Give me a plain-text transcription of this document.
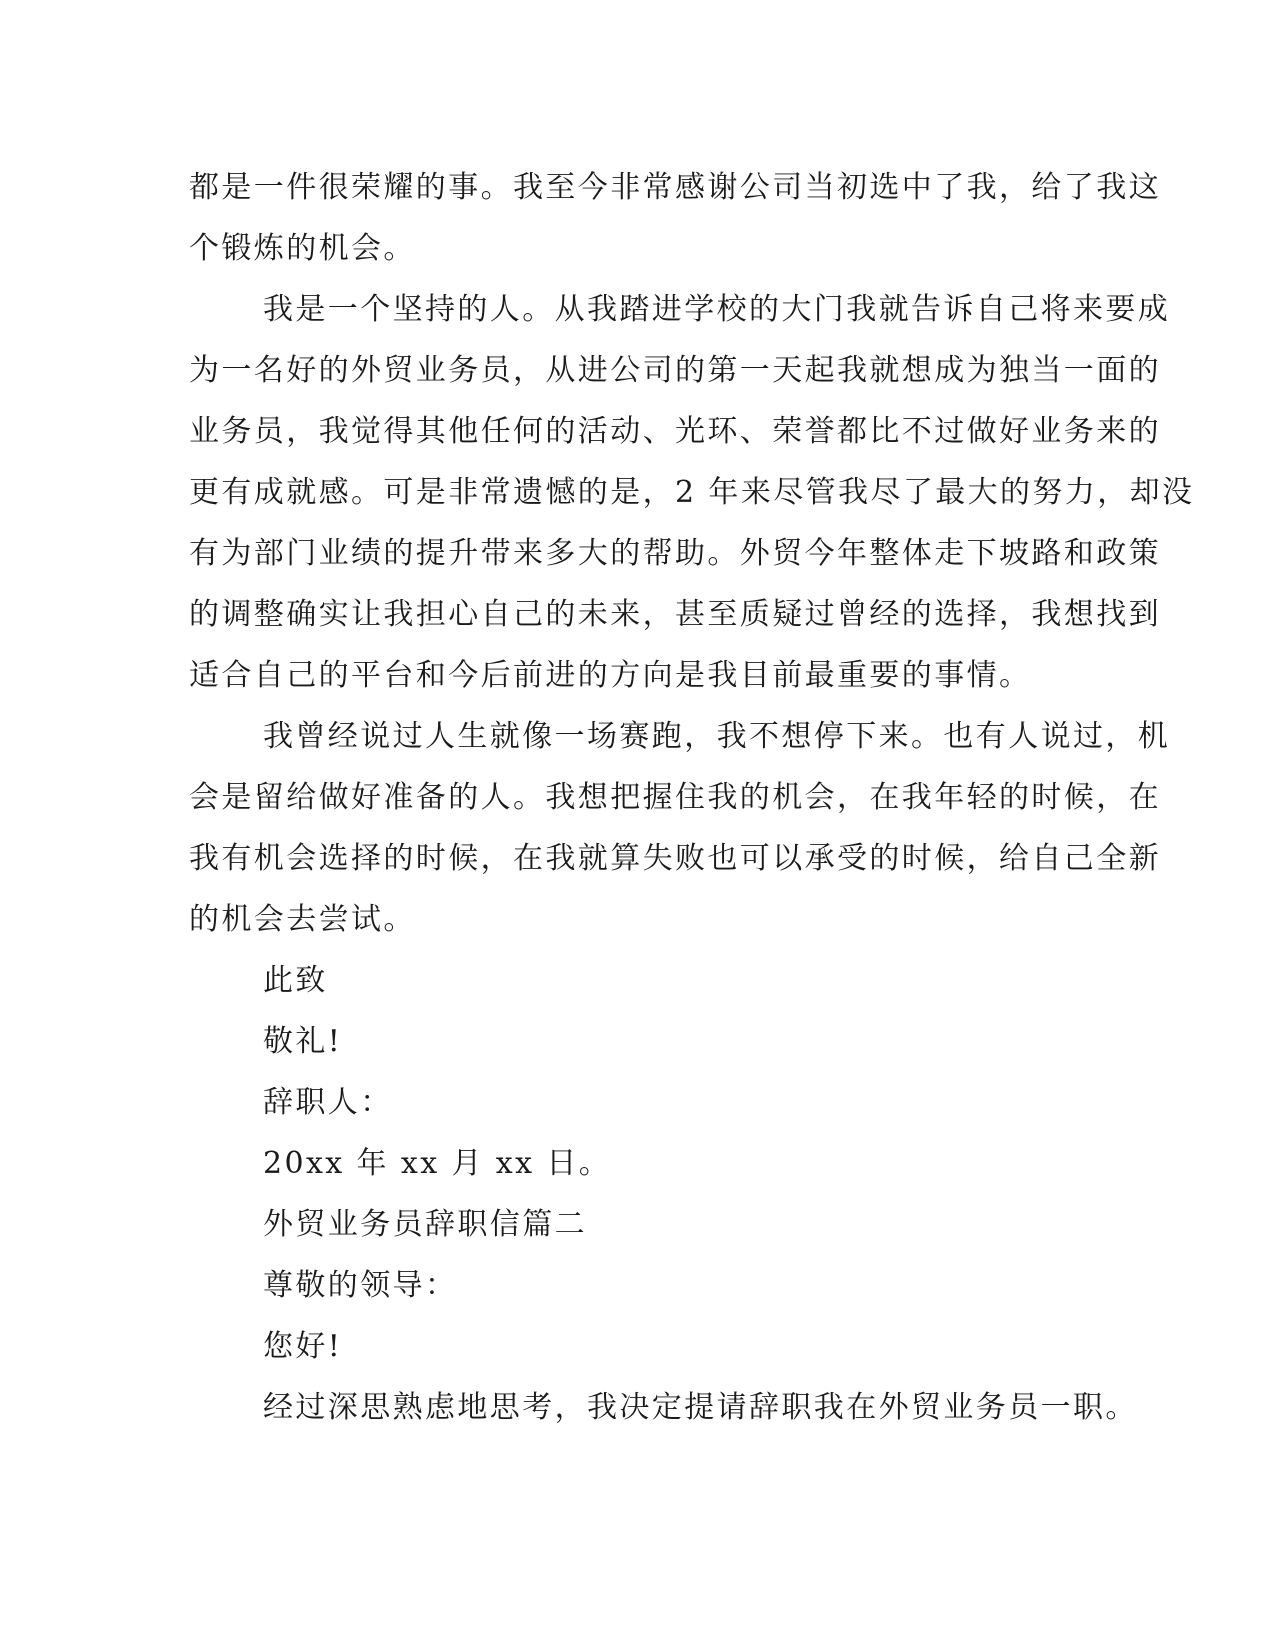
都是一件很荣耀的事。我至今非常感谢公司当初选中了我，给了我这
个锻炼的机会。
我是一个坚持的人。从我踏进学校的大门我就告诉自己将来要成
为一名好的外贸业务员，从进公司的第一天起我就想成为独当一面的
业务员，我觉得其他任何的活动、光环、荣誉都比不过做好业务来的
更有成就感。可是非常遗憾的是，2 年来尽管我尽了最大的努力，却没
有为部门业绩的提升带来多大的帮助。外贸今年整体走下坡路和政策
的调整确实让我担心自己的未来，甚至质疑过曾经的选择，我想找到
适合自己的平台和今后前进的方向是我目前最重要的事情。
我曾经说过人生就像一场赛跑，我不想停下来。也有人说过，机
会是留给做好准备的人。我想把握住我的机会，在我年轻的时候，在
我有机会选择的时候，在我就算失败也可以承受的时候，给自己全新
的机会去尝试。
此致
敬礼!
辞职人：
20xx 年 xx 月 xx 日。
外贸业务员辞职信篇二
尊敬的领导：
您好!
经过深思熟虑地思考，我决定提请辞职我在外贸业务员一职。
